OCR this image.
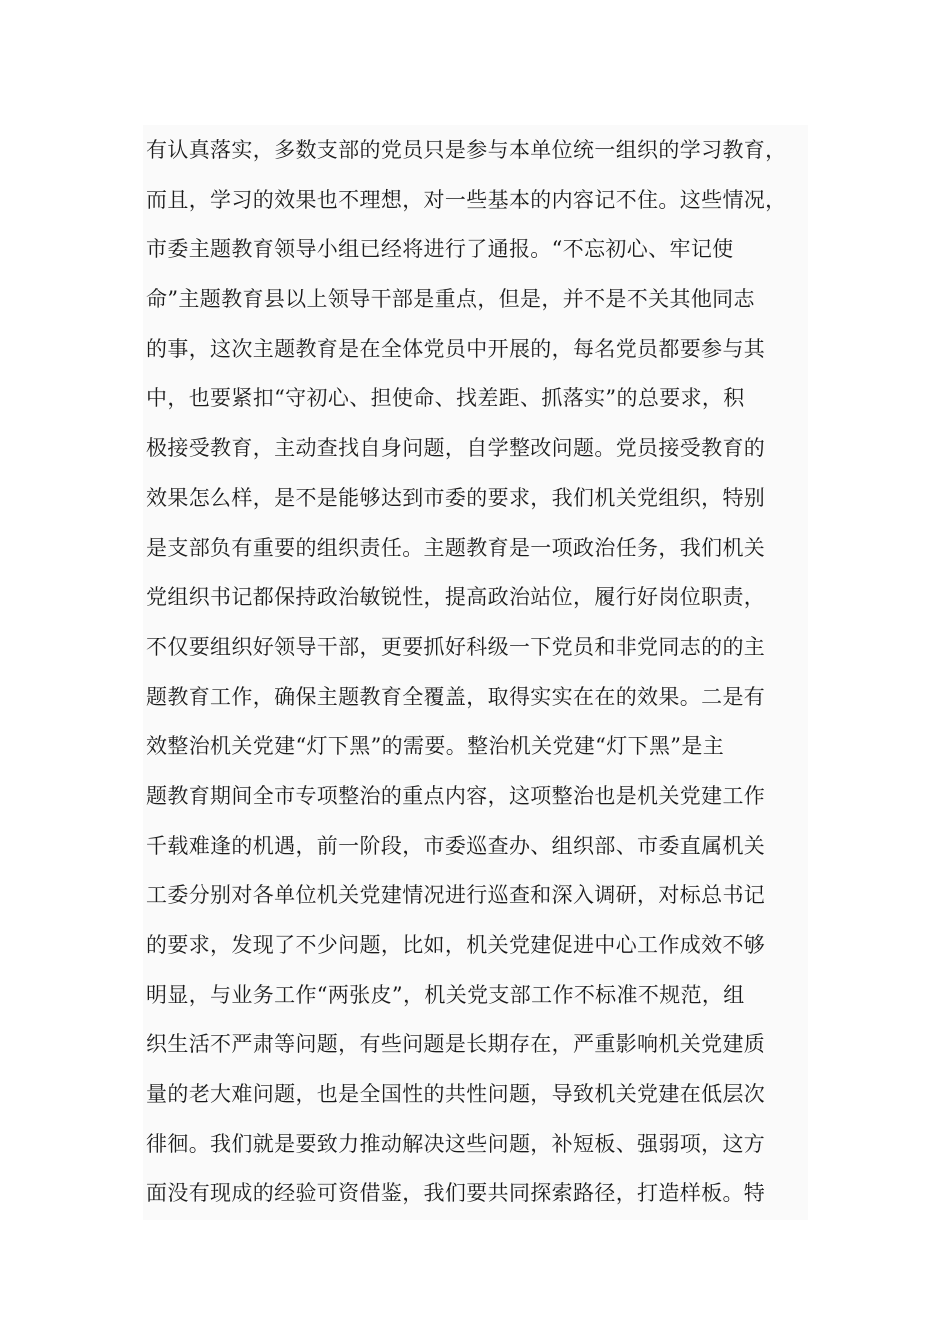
有认真落实，多数支部的党员只是参与本单位统一组织的学习教育，
而且，学习的效果也不理想，对一些基本的内容记不住。这些情况，
市委主题教育领导小组已经将进行了通报。“不忘初心、牢记使
命”主题教育县以上领导干部是重点，但是，并不是不关其他同志
的事，这次主题教育是在全体党员中开展的，每名党员都要参与其
中，也要紧扣“守初心、担使命、找差距、抓落实”的总要求，积
极接受教育，主动查找自身问题，自学整改问题。党员接受教育的
效果怎么样，是不是能够达到市委的要求，我们机关党组织，特别
是支部负有重要的组织责任。主题教育是一项政治任务，我们机关
党组织书记都保持政治敏锐性，提高政治站位，履行好岗位职责，
不仅要组织好领导干部，更要抓好科级一下党员和非党同志的的主
题教育工作，确保主题教育全覆盖，取得实实在在的效果。二是有
效整治机关党建“灯下黑”的需要。整治机关党建“灯下黑”是主
题教育期间全市专项整治的重点内容，这项整治也是机关党建工作
千载难逢的机遇，前一阶段，市委巡查办、组织部、市委直属机关
工委分别对各单位机关党建情况进行巡查和深入调研，对标总书记
的要求，发现了不少问题，比如，机关党建促进中心工作成效不够
明显，与业务工作“两张皮”，机关党支部工作不标准不规范，组
织生活不严肃等问题，有些问题是长期存在，严重影响机关党建质
量的老大难问题，也是全国性的共性问题，导致机关党建在低层次
徘徊。我们就是要致力推动解决这些问题，补短板、强弱项，这方
面没有现成的经验可资借鉴，我们要共同探索路径，打造样板。特
